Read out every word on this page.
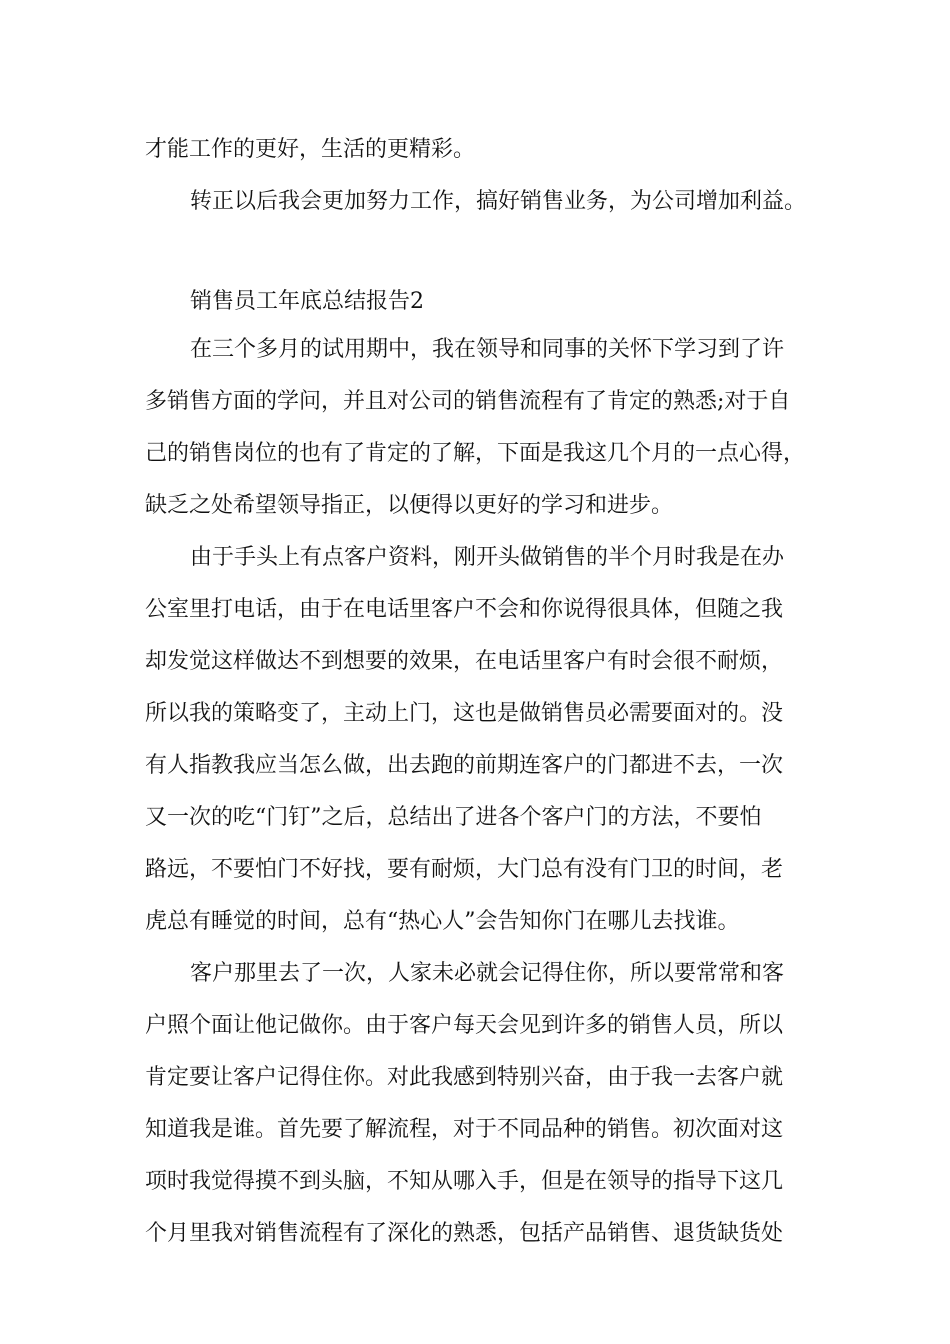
才能工作的更好，生活的更精彩。
转正以后我会更加努力工作，搞好销售业务，为公司增加利益。
销售员工年底总结报告2
在三个多月的试用期中，我在领导和同事的关怀下学习到了许
多销售方面的学问，并且对公司的销售流程有了肯定的熟悉;对于自
己的销售岗位的也有了肯定的了解，下面是我这几个月的一点心得，
缺乏之处希望领导指正，以便得以更好的学习和进步。
由于手头上有点客户资料，刚开头做销售的半个月时我是在办
公室里打电话，由于在电话里客户不会和你说得很具体，但随之我
却发觉这样做达不到想要的效果，在电话里客户有时会很不耐烦，
所以我的策略变了，主动上门，这也是做销售员必需要面对的。没
有人指教我应当怎么做，出去跑的前期连客户的门都进不去，一次
又一次的吃“门钉”之后，总结出了进各个客户门的方法，不要怕
路远，不要怕门不好找，要有耐烦，大门总有没有门卫的时间，老
虎总有睡觉的时间，总有“热心人”会告知你门在哪儿去找谁。
客户那里去了一次，人家未必就会记得住你，所以要常常和客
户照个面让他记做你。由于客户每天会见到许多的销售人员，所以
肯定要让客户记得住你。对此我感到特别兴奋，由于我一去客户就
知道我是谁。首先要了解流程，对于不同品种的销售。初次面对这
项时我觉得摸不到头脑，不知从哪入手，但是在领导的指导下这几
个月里我对销售流程有了深化的熟悉，包括产品销售、退货缺货处
